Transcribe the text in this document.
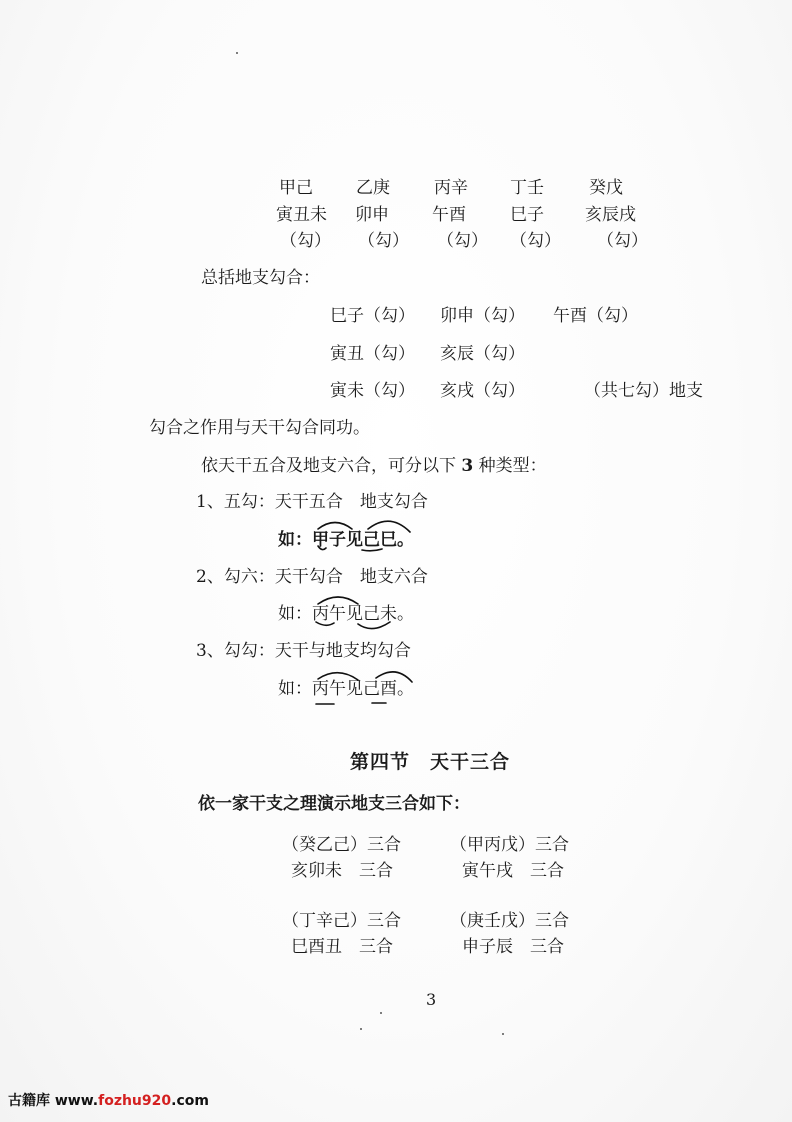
甲己	乙庚	丙辛 丁壬	癸戊
寅丑未 卯申	午酉	巳子 亥辰戌
（勾） （勾） （勾） （勾） （勾）
总括地支勾合：
巳子（勾） 卯申（勾） 午酉（勾）
寅丑（勾） 亥辰（勾）
寅未（勾） 亥戌（勾）	（共七勾）地支
勾合之作用与天干勾合同功。
依天干五合及地支六合，可分以下 3 种类型：
1、五勾：天干五合　地支勾合
如：甲子见己巳。
2、勾六：天干勾合　地支六合
如：丙午见己未。
3、勾勾：天干与地支均勾合
如：丙午见己酉。
第四节　天干三合
依一家干支之理演示地支三合如下：
（癸乙己）三合	（甲丙戊）三合
亥卯未　三合	寅午戌　三合
（丁辛己）三合	（庚壬戊）三合
巳酉丑　三合	申子辰　三合
3
古籍库 www.fozhu920.com
